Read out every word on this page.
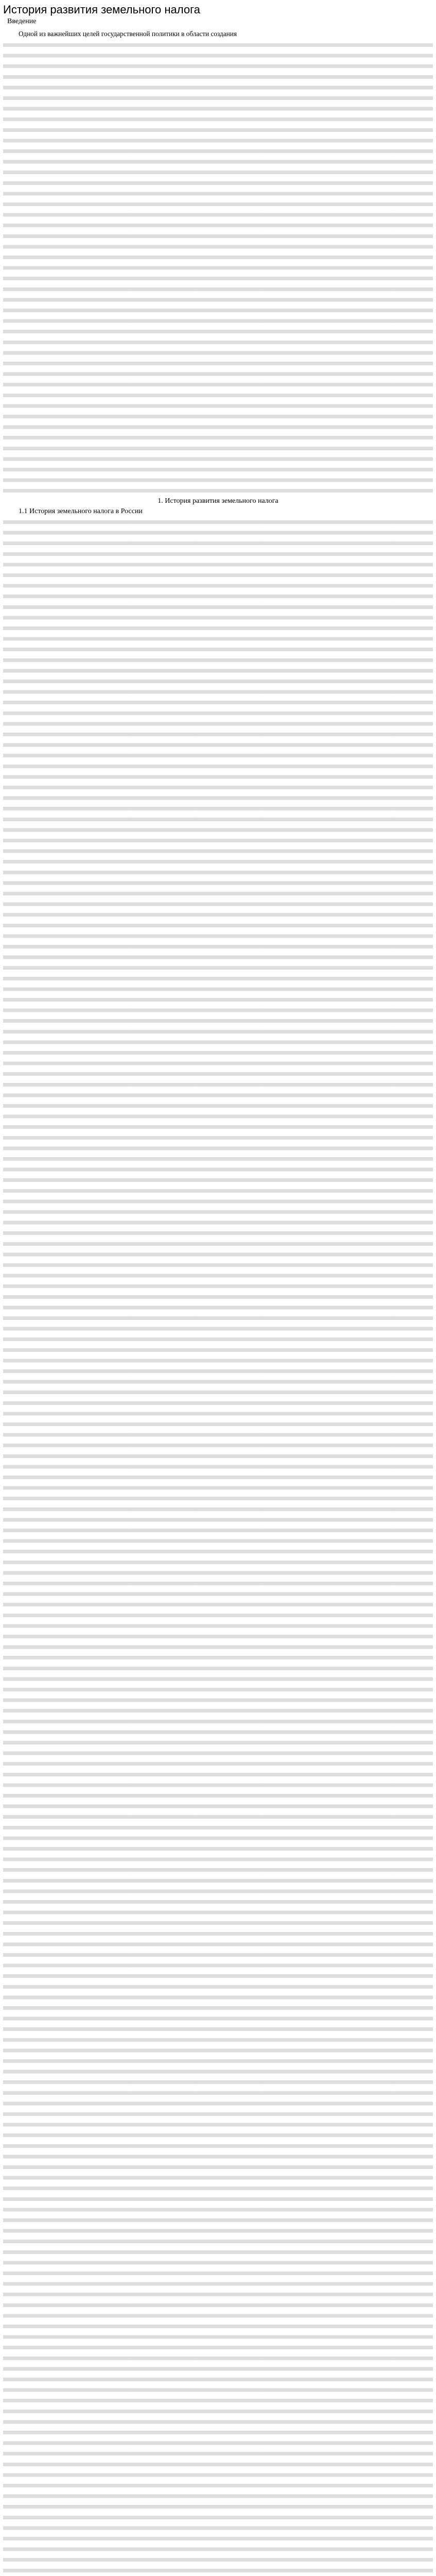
История развития земельного налога
Введение
Одной из важнейших целей государственной политики в области создания
1. История развития земельного налога
1.1 История земельного налога в России
